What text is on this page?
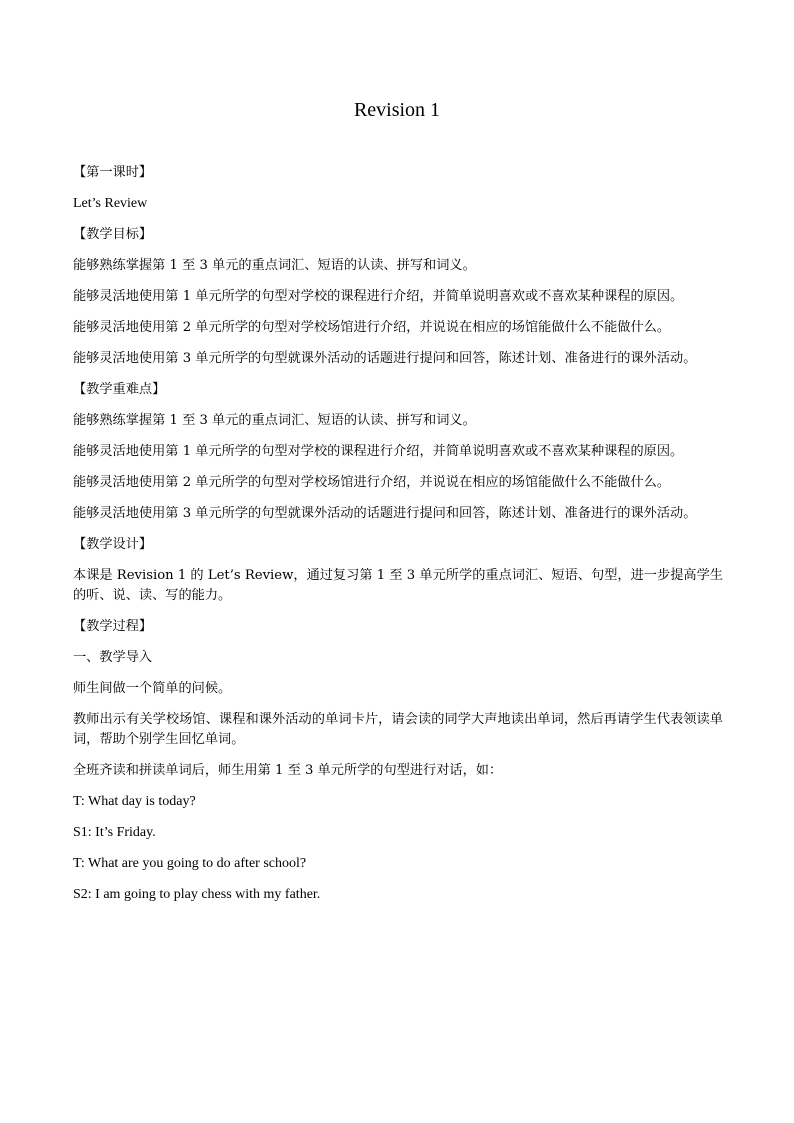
Revision 1

【第一课时】

Let’s Review

【教学目标】

能够熟练掌握第 1 至 3 单元的重点词汇、短语的认读、拼写和词义。

能够灵活地使用第 1 单元所学的句型对学校的课程进行介绍，并简单说明喜欢或不喜欢某种课程的原因。

能够灵活地使用第 2 单元所学的句型对学校场馆进行介绍，并说说在相应的场馆能做什么不能做什么。

能够灵活地使用第 3 单元所学的句型就课外活动的话题进行提问和回答，陈述计划、准备进行的课外活动。

【教学重难点】

能够熟练掌握第 1 至 3 单元的重点词汇、短语的认读、拼写和词义。

能够灵活地使用第 1 单元所学的句型对学校的课程进行介绍，并简单说明喜欢或不喜欢某种课程的原因。

能够灵活地使用第 2 单元所学的句型对学校场馆进行介绍，并说说在相应的场馆能做什么不能做什么。

能够灵活地使用第 3 单元所学的句型就课外活动的话题进行提问和回答，陈述计划、准备进行的课外活动。

【教学设计】

本课是 Revision 1 的 Let’s Review，通过复习第 1 至 3 单元所学的重点词汇、短语、句型，进一步提高学生的听、说、读、写的能力。

【教学过程】

一、教学导入

师生间做一个简单的问候。

教师出示有关学校场馆、课程和课外活动的单词卡片，请会读的同学大声地读出单词，然后再请学生代表领读单词，帮助个别学生回忆单词。

全班齐读和拼读单词后，师生用第 1 至 3 单元所学的句型进行对话，如：

T: What day is today?

S1: It’s Friday.

T: What are you going to do after school?

S2: I am going to play chess with my father.
